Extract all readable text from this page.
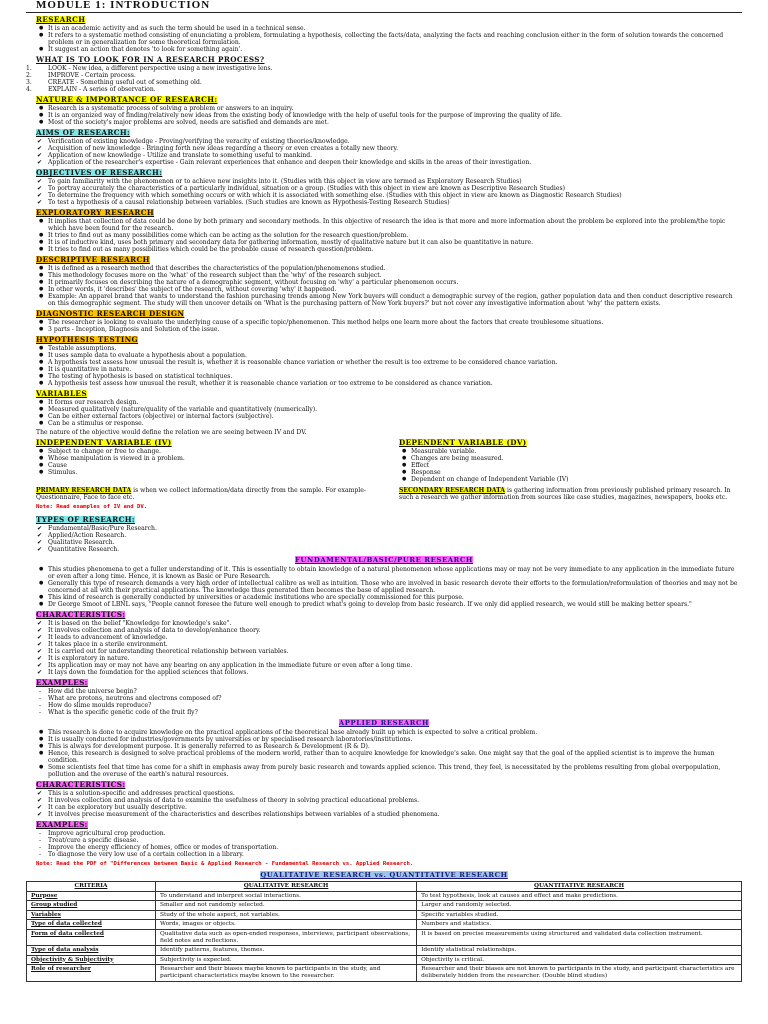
MODULE 1: INTRODUCTION
RESEARCH
● It is an academic activity and as such the term should be used in a technical sense.
● It refers to a systematic method consisting of enunciating a problem, formulating a hypothesis, collecting the facts/data, analyzing the facts and reaching conclusion either in the form of solution towards the concerned problem or in generalization for some theoretical formulation.
● It suggest an action that denotes 'to look for something again'.
WHAT IS TO LOOK FOR IN A RESEARCH PROCESS?
1.	LOOK - New idea, a different perspective using a new investigative lens.
2.	IMPROVE - Certain process.
3.	CREATE - Something useful out of something old.
4.	EXPLAIN - A series of observation.
NATURE & IMPORTANCE OF RESEARCH:
● Research is a systematic process of solving a problem or answers to an inquiry.
● It is an organized way of finding/relatively new ideas from the existing body of knowledge with the help of useful tools for the purpose of improving the quality of life.
● Most of the society's major problems are solved, needs are satisfied and demands are met.
AIMS OF RESEARCH:
✔ Verification of existing knowledge - Proving/verifying the veracity of existing theories/knowledge.
✔ Acquisition of new knowledge - Bringing forth new ideas regarding a theory or even creates a totally new theory.
✔ Application of new knowledge - Utilize and translate to something useful to mankind.
✔ Application of the researcher's expertise - Gain relevant experiences that enhance and deepen their knowledge and skills in the areas of their investigation.
OBJECTIVES OF RESEARCH:
✔ To gain familiarity with the phenomenon or to achieve new insights into it. (Studies with this object in view are termed as Exploratory Research Studies)
✔ To portray accurately the characteristics of a particularly individual, situation or a group. (Studies with this object in view are known as Descriptive Research Studies)
✔ To determine the frequency with which something occurs or with which it is associated with something else. (Studies with this object in view are known as Diagnostic Research Studies)
✔ To test a hypothesis of a causal relationship between variables. (Such studies are known as Hypothesis-Testing Research Studies)
EXPLORATORY RESEARCH
● It implies that collection of data could be done by both primary and secondary methods. In this objective of research the idea is that more and more information about the problem be explored into the problem/the topic which have been found for the research.
● It tries to find out as many possibilities come which can be acting as the solution for the research question/problem.
● It is of inductive kind, uses both primary and secondary data for gathering information, mostly of qualitative nature but it can also be quantitative in nature.
● It tries to find out as many possibilities which could be the probable cause of research question/problem.
DESCRIPTIVE RESEARCH
● It is defined as a research method that describes the characteristics of the population/phenomenons studied.
● This methodology focuses more on the 'what' of the research subject than the 'why' of the research subject.
● It primarily focuses on describing the nature of a demographic segment, without focusing on 'why' a particular phenomenon occurs.
● In other words, it 'describes' the subject of the research, without covering 'why' it happened.
● Example: An apparel brand that wants to understand the fashion purchasing trends among New York buyers will conduct a demographic survey of the region, gather population data and then conduct descriptive research on this demographic segment. The study will then uncover details on 'What is the purchasing pattern of New York buyers?' but not cover any investigative information about 'why' the pattern exists.
DIAGNOSTIC RESEARCH DESIGN
● The researcher is looking to evaluate the underlying cause of a specific topic/phenomenon. This method helps one learn more about the factors that create troublesome situations.
● 3 parts - Inception, Diagnosis and Solution of the issue.
HYPOTHESIS TESTING
● Testable assumptions.
● It uses sample data to evaluate a hypothesis about a population.
● A hypothesis test assess how unusual the result is, whether it is reasonable chance variation or whether the result is too extreme to be considered chance variation.
● It is quantitative in nature.
● The testing of hypothesis is based on statistical techniques.
● A hypothesis test assess how unusual the result, whether it is reasonable chance variation or too extreme to be considered as chance variation.
VARIABLES
● It forms our research design.
● Measured qualitatively (nature/quality of the variable and quantitatively (numerically).
● Can be either external factors (objective) or internal factors (subjective).
● Can be a stimulus or response.
The nature of the objective would define the relation we are seeing between IV and DV.
INDEPENDENT VARIABLE (IV)
● Subject to change or free to change.
● Whose manipulation is viewed in a problem.
● Cause
● Stimulus.
DEPENDENT VARIABLE (DV)
● Measurable variable.
● Changes are being measured.
● Effect
● Response
● Dependent on change of Independent Variable (IV)
PRIMARY RESEARCH DATA is when we collect information/data directly from the sample. For example- Questionnaire, Face to face etc.
SECONDARY RESEARCH DATA is gathering information from previously published primary research. In such a research we gather information from sources like case studies, magazines, newspapers, books etc.
Note: Read examples of IV and DV.
TYPES OF RESEARCH:
✔ Fundamental/Basic/Pure Research.
✔ Applied/Action Research.
✔ Qualitative Research.
✔ Quantitative Research.
FUNDAMENTAL/BASIC/PURE RESEARCH
● This studies phenomena to get a fuller understanding of it. This is essentially to obtain knowledge of a natural phenomenon whose applications may or may not be very immediate to any application in the immediate future or even after a long time. Hence, it is known as Basic or Pure Research.
● Generally this type of research demands a very high order of intellectual calibre as well as intuition. Those who are involved in basic research devote their efforts to the formulation/reformulation of theories and may not be concerned at all with their practical applications. The knowledge thus generated then becomes the base of applied research.
● This kind of research is generally conducted by universities or academic institutions who are specially commissioned for this purpose.
● Dr George Smoot of LBNL says, "People cannot foresee the future well enough to predict what's going to develop from basic research. If we only did applied research, we would still be making better spears."
CHARACTERISTICS:
✔ It is based on the belief "Knowledge for knowledge's sake".
✔ It involves collection and analysis of data to develop/enhance theory.
✔ It leads to advancement of knowledge.
✔ It takes place in a sterile environment.
✔ It is carried out for understanding theoretical relationship between variables.
✔ It is exploratory in nature.
✔ Its application may or may not have any bearing on any application in the immediate future or even after a long time.
✔ It lays down the foundation for the applied sciences that follows.
EXAMPLES:
- How did the universe begin?
- What are protons, neutrons and electrons composed of?
- How do slime moulds reproduce?
- What is the specific genetic code of the fruit fly?
APPLIED RESEARCH
● This research is done to acquire knowledge on the practical applications of the theoretical base already built up which is expected to solve a critical problem.
● It is usually conducted for industries/governments by universities or by specialised research laboratories/institutions.
● This is always for development purpose. It is generally referred to as Research & Development (R & D).
● Hence, this research is designed to solve practical problems of the modern world, rather than to acquire knowledge for knowledge's sake. One might say that the goal of the applied scientist is to improve the human condition.
● Some scientists feel that time has come for a shift in emphasis away from purely basic research and towards applied science. This trend, they feel, is necessitated by the problems resulting from global overpopulation, pollution and the overuse of the earth's natural resources.
CHARACTERISTICS:
✔ This is a solution-specific and addresses practical questions.
✔ It involves collection and analysis of data to examine the usefulness of theory in solving practical educational problems.
✔ It can be exploratory but usually descriptive.
✔ It involves precise measurement of the characteristics and describes relationships between variables of a studied phenomena.
EXAMPLES:
- Improve agricultural crop production.
- Treat/cure a specific disease.
- Improve the energy efficiency of homes, office or modes of transportation.
- To diagnose the very low use of a certain collection in a library.
Note: Read the PDF of "Differences between Basic & Applied Research - Fundamental Research vs. Applied Research.
QUALITATIVE RESEARCH vs. QUANTITATIVE RESEARCH
CRITERIA	QUALITATIVE RESEARCH	QUANTITATIVE RESEARCH
Purpose	To understand and interpret social interactions.	To test hypothesis, look at causes and effect and make predictions.
Group studied	Smaller and not randomly selected.	Larger and randomly selected.
Variables	Study of the whole aspect, not variables.	Specific variables studied.
Type of data collected	Words, images or objects.	Numbers and statistics.
Form of data collected	Qualitative data such as open-ended responses, interviews, participant observations, field notes and reflections.	It is based on precise measurements using structured and validated data collection instrument.
Type of data analysis	Identify patterns, features, themes.	Identify statistical relationships.
Objectivity & Subjectivity	Subjectivity is expected.	Objectivity is critical.
Role of researcher	Researcher and their biases maybe known to participants in the study, and participant characteristics maybe known to the researcher.	Researcher and their biases are not known to participants in the study, and participant characteristics are deliberately hidden from the researcher. (Double blind studies)
